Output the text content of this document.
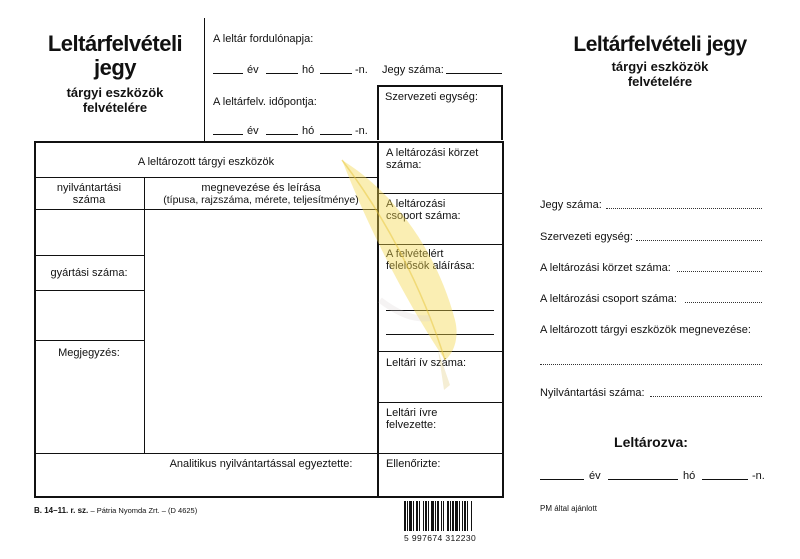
Leltárfelvételi
jegy
tárgyi eszközök
felvételére
A leltár fordulónapja:
év	hó	-n. Jegy száma:
A leltárfelv. időpontja:
év	hó	-n.
Szervezeti egység:
A leltározott tárgyi eszközök
nyilvántartási
száma
megnevezése és leírása
(típusa, rajzszáma, mérete, teljesítménye)
gyártási száma:
Megjegyzés:
Analitikus nyilvántartással egyeztette:
A leltározási körzet
száma:
A leltározási
csoport száma:
A felvételért
felelősök aláírása:
Leltári ív száma:
Leltári ívre
felvezette:
Ellenőrizte:
B. 14–11. r. sz. – Pátria Nyomda Zrt. – (D 4625)
5 997674 312230
Leltárfelvételi jegy
tárgyi eszközök
felvételére
Jegy száma:
Szervezeti egység:
A leltározási körzet száma:
A leltározási csoport száma:
A leltározott tárgyi eszközök megnevezése:
Nyilvántartási száma:
Leltározva:
év	hó	-n.
PM által ajánlott
